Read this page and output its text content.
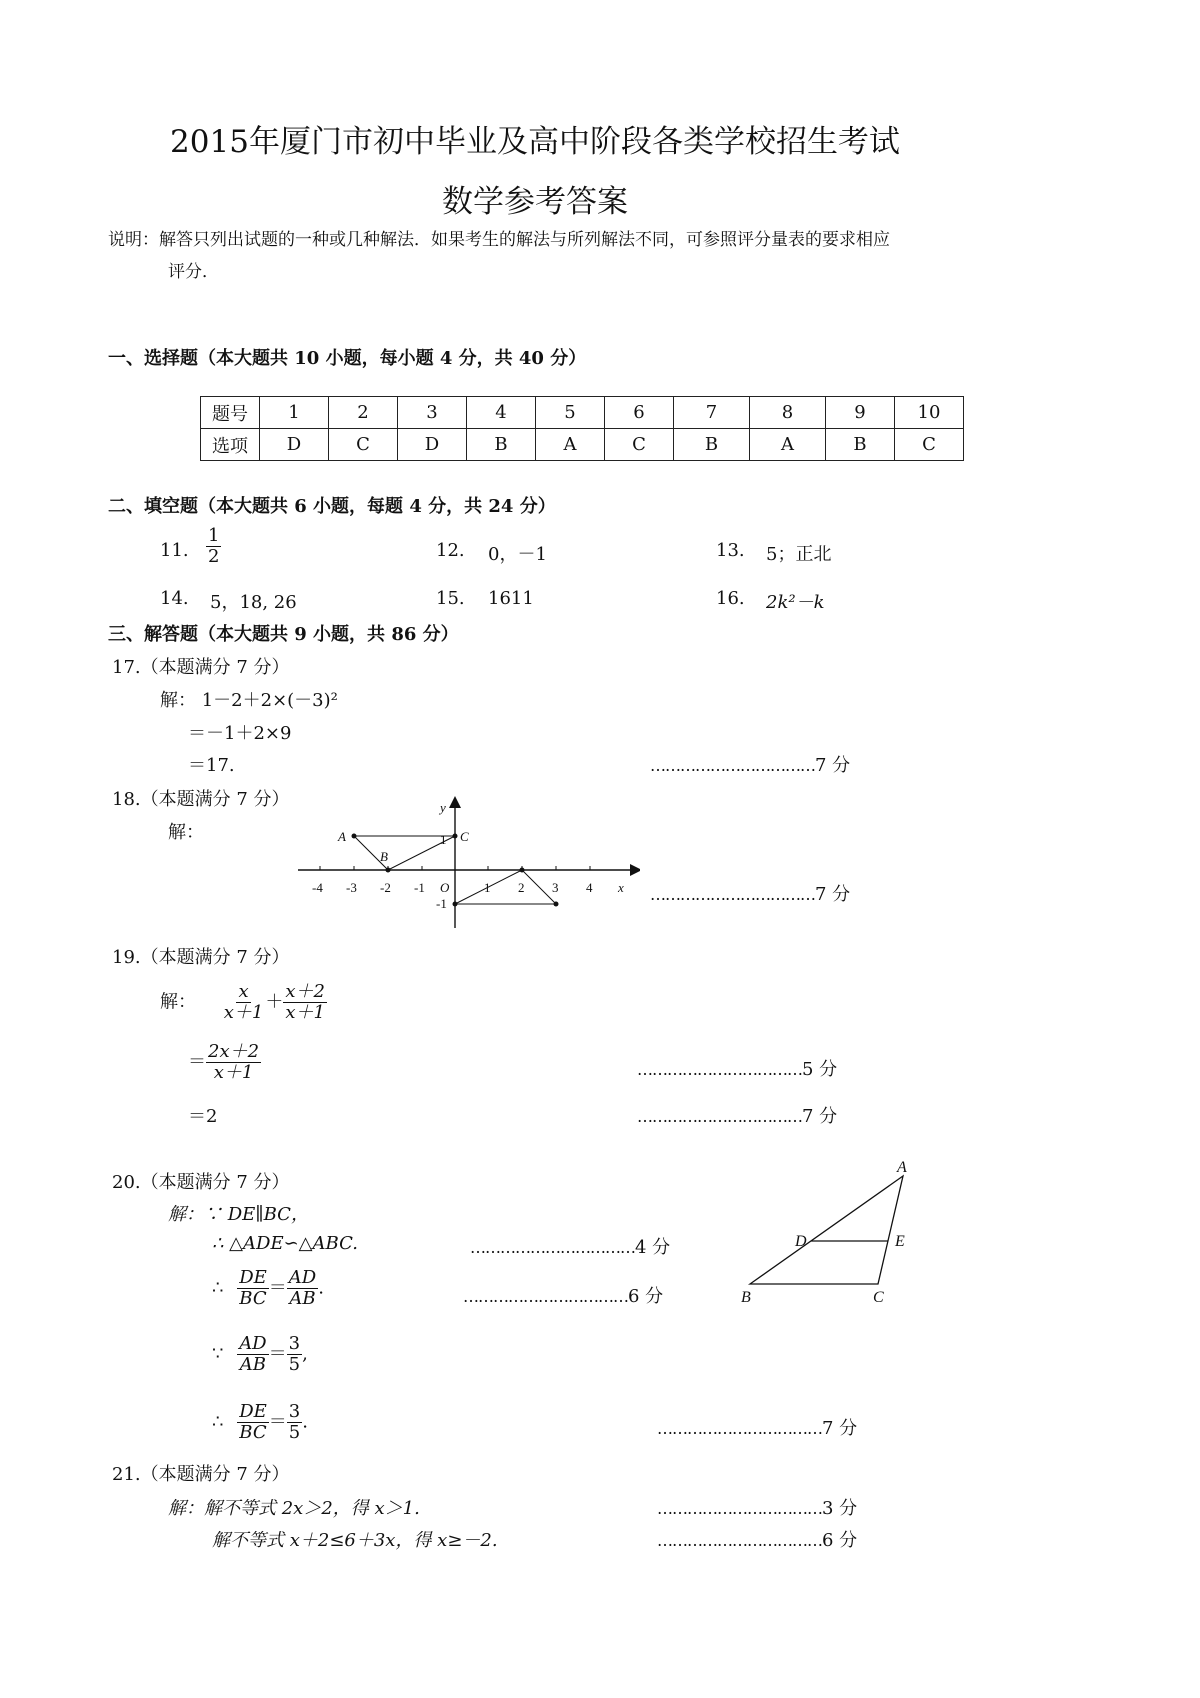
2015年厦门市初中毕业及高中阶段各类学校招生考试
数学参考答案
说明：解答只列出试题的一种或几种解法．如果考生的解法与所列解法不同，可参照评分量表的要求相应
评分．
一、选择题（本大题共 10 小题，每小题 4 分，共 40 分）
题号	1	2	3	4	5	6	7	8	9	10
选项	D	C	D	B	A	C	B	A	B	C
二、填空题（本大题共 6 小题，每题 4 分，共 24 分）
11. $\frac{1}{2}$	12. 0，－1	13. 5；正北
14. 5，18, 26	15. 1611	16. 2k²－k
三、解答题（本大题共 9 小题，共 86 分）
17.（本题满分 7 分）
解： 1－2＋2×(－3)²
＝－1＋2×9
＝17.	……………………………7 分
18.（本题满分 7 分）
解：
-4 -3 -2 -1	1 2 3 4 x
y
O
1
-1
A
B
C
……………………………7 分
19.（本题满分 7 分）
解： $\frac{x}{x+1} + \frac{x+2}{x+1}$
＝ $\frac{2x+2}{x+1}$	……………………………5 分
＝2	……………………………7 分
20.（本题满分 7 分）
解：∵ DE∥BC，
∴ △ADE∽△ABC.	……………………………4 分
∴ $\frac{DE}{BC} = \frac{AD}{AB}$ .	……………………………6 分
∵ $\frac{AD}{AB} = \frac{3}{5}$ ,
∴ $\frac{DE}{BC} = \frac{3}{5}$ .	……………………………7 分
A
B	C
D	E
21.（本题满分 7 分）
解：解不等式 2x＞2，得 x＞1.	……………………………3 分
解不等式 x＋2≤6＋3x，得 x≥－2.	……………………………6 分
